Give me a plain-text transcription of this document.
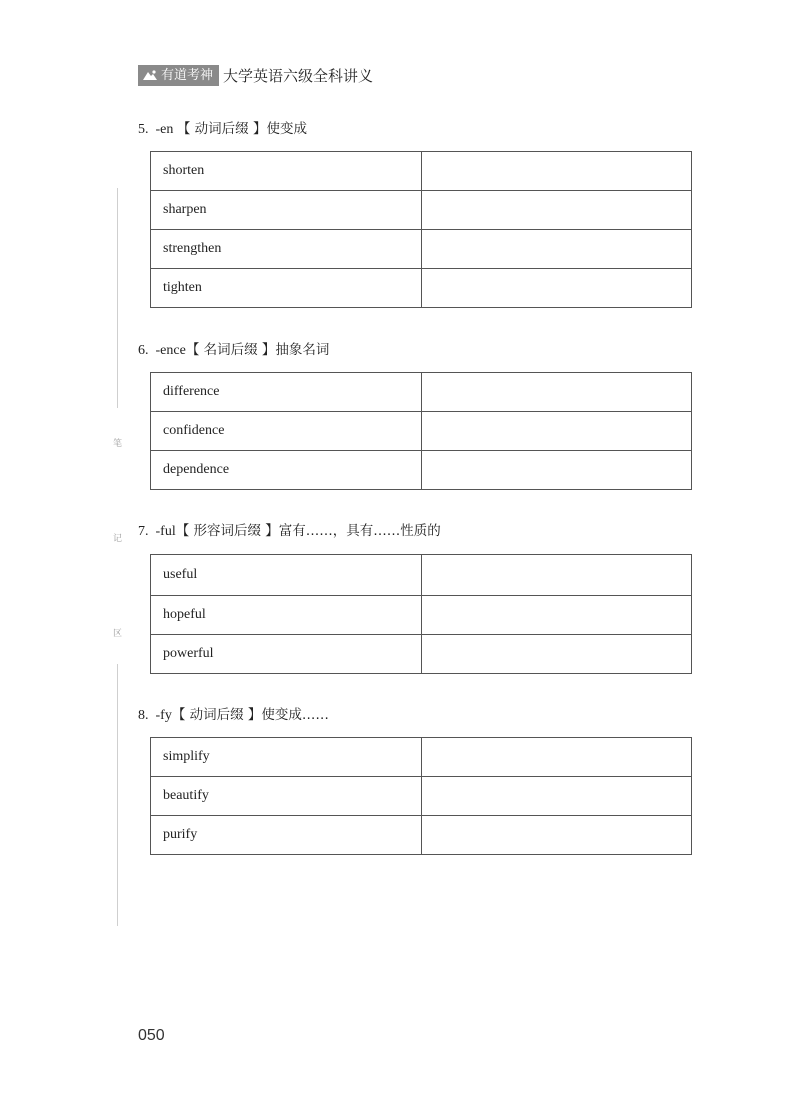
有道考神 大学英语六级全科讲义
笔
记
区
5. -en 【 动词后缀 】使变成
shorten	
sharpen	
strengthen	
tighten	
6. -ence【 名词后缀 】抽象名词
difference	
confidence	
dependence	
7. -ful【 形容词后缀 】富有……，具有……性质的
useful	
hopeful	
powerful	
8. -fy【 动词后缀 】使变成……
simplify	
beautify	
purify	
050
